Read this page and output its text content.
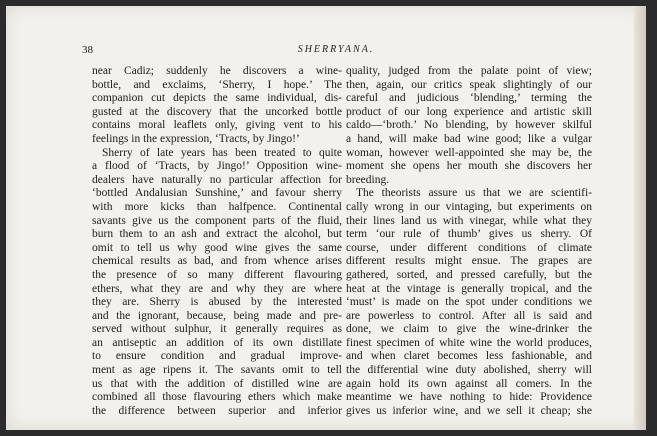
38	SHERRYANA.
near Cadiz; suddenly he discovers a wine-
bottle, and exclaims, ‘Sherry, I hope.’ The
companion cut depicts the same individual, dis-
gusted at the discovery that the uncorked bottle
contains moral leaflets only, giving vent to his
feelings in the expression, ‘Tracts, by Jingo!’
Sherry of late years has been treated to quite
a flood of ‘Tracts, by Jingo!’ Opposition wine-
dealers have naturally no particular affection for
‘bottled Andalusian Sunshine,’ and favour sherry
with more kicks than halfpence. Continental
savants give us the component parts of the fluid,
burn them to an ash and extract the alcohol, but
omit to tell us why good wine gives the same
chemical results as bad, and from whence arises
the presence of so many different flavouring
ethers, what they are and why they are where
they are. Sherry is abused by the interested
and the ignorant, because, being made and pre-
served without sulphur, it generally requires as
an antiseptic an addition of its own distillate
to ensure condition and gradual improve-
ment as age ripens it. The savants omit to tell
us that with the addition of distilled wine are
combined all those flavouring ethers which make
the difference between superior and inferior
quality, judged from the palate point of view;
then, again, our critics speak slightingly of our
careful and judicious ‘blending,’ terming the
product of our long experience and artistic skill
caldo—‘broth.’ No blending, by however skilful
a hand, will make bad wine good; like a vulgar
woman, however well-appointed she may be, the
moment she opens her mouth she discovers her
breeding.
The theorists assure us that we are scientifi-
cally wrong in our vintaging, but experiments on
their lines land us with vinegar, while what they
term ‘our rule of thumb’ gives us sherry. Of
course, under different conditions of climate
different results might ensue. The grapes are
gathered, sorted, and pressed carefully, but the
heat at the vintage is generally tropical, and the
‘must’ is made on the spot under conditions we
are powerless to control. After all is said and
done, we claim to give the wine-drinker the
finest specimen of white wine the world produces,
and when claret becomes less fashionable, and
the differential wine duty abolished, sherry will
again hold its own against all comers. In the
meantime we have nothing to hide: Providence
gives us inferior wine, and we sell it cheap; she
